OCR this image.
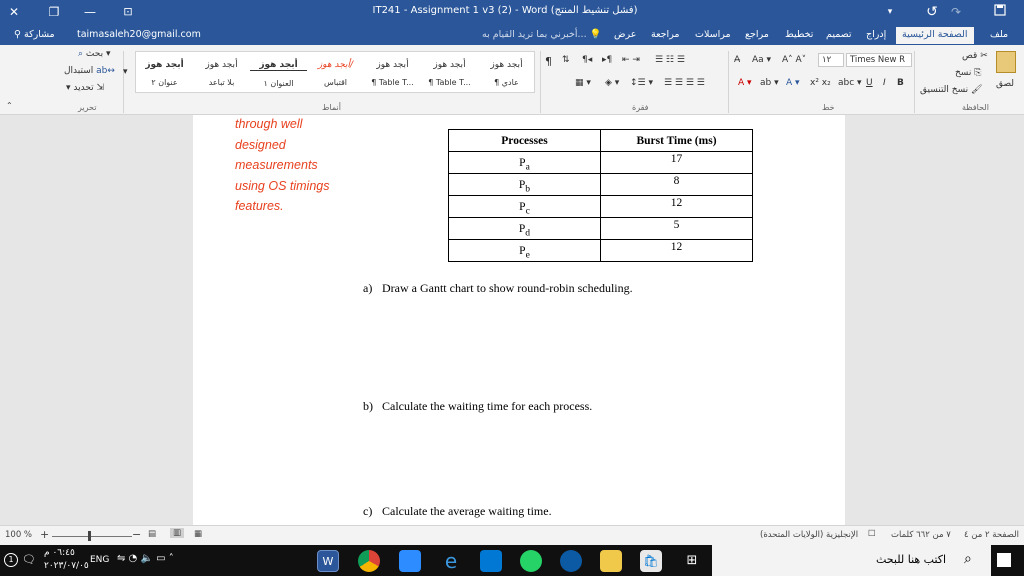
✕	❐	—	⊡	IT241 - Assignment 1 v3 (2) - Word (فشل تنشيط المنتج)	▾	↷
↺
⚲ مشاركة taimasaleh20@gmail.com	أخبرني بما تريد القيام به... 💡 عرض مراجعة مراسلات مراجع تخطيط تصميم إدراج	الصفحة الرئيسية	ملف
⌕ بحث ▾
استبدال ab↔
▾ تحديد ⇲
تحرير
أبجد هوز
¶ عادي
أبجد هوز
¶ Table T...
أبجد هوز
¶ Table T...
أبجد هوز/
اقتباس
أبجد هوز
العنوان ١
أبجد هوز
بلا تباعد
أبجد هوز
عنوان ٢
▾
أنماط
¶ ⇅ ¶◂ ▸¶ ⇤ ⇥ ☰ ☷ ☰
▦ ▾ ◈ ▾ ↕☰ ▾ ☰ ☰ ☰ ☰
فقرة
Times New R
١٢
A̶ Aa ▾ A˄ A˅
A ▾ ab ▾ A ▾ x² x₂ abc ▾ U I B
خط
قص ✂
نسخ ⎘
نسخ التنسيق 🖌
لصق
الحافظة
⌃
through well
designed
measurements
using OS timings
features.
Processes	Burst Time (ms)
$P_a$	17
$P_b$	8
$P_c$	12
$P_d$	5
$P_e$	12
a) Draw a Gantt chart to show round-robin scheduling.
b) Calculate the waiting time for each process.
c) Calculate the average waiting time.
100 % +	− ▤	▥	▦	الإنجليزية (الولايات المتحدة) ☐ ٧ من ٦٦٢ كلمات الصفحة ٢ من ٤
1 🗨 ٠٦:٤٥ م
٢٠٢٣/٠٧/٠٥
ENG ⇋ ◔ 🔈 ▭ ˄	W	e	🛍	⊞	اكتب هنا للبحث ⌕
